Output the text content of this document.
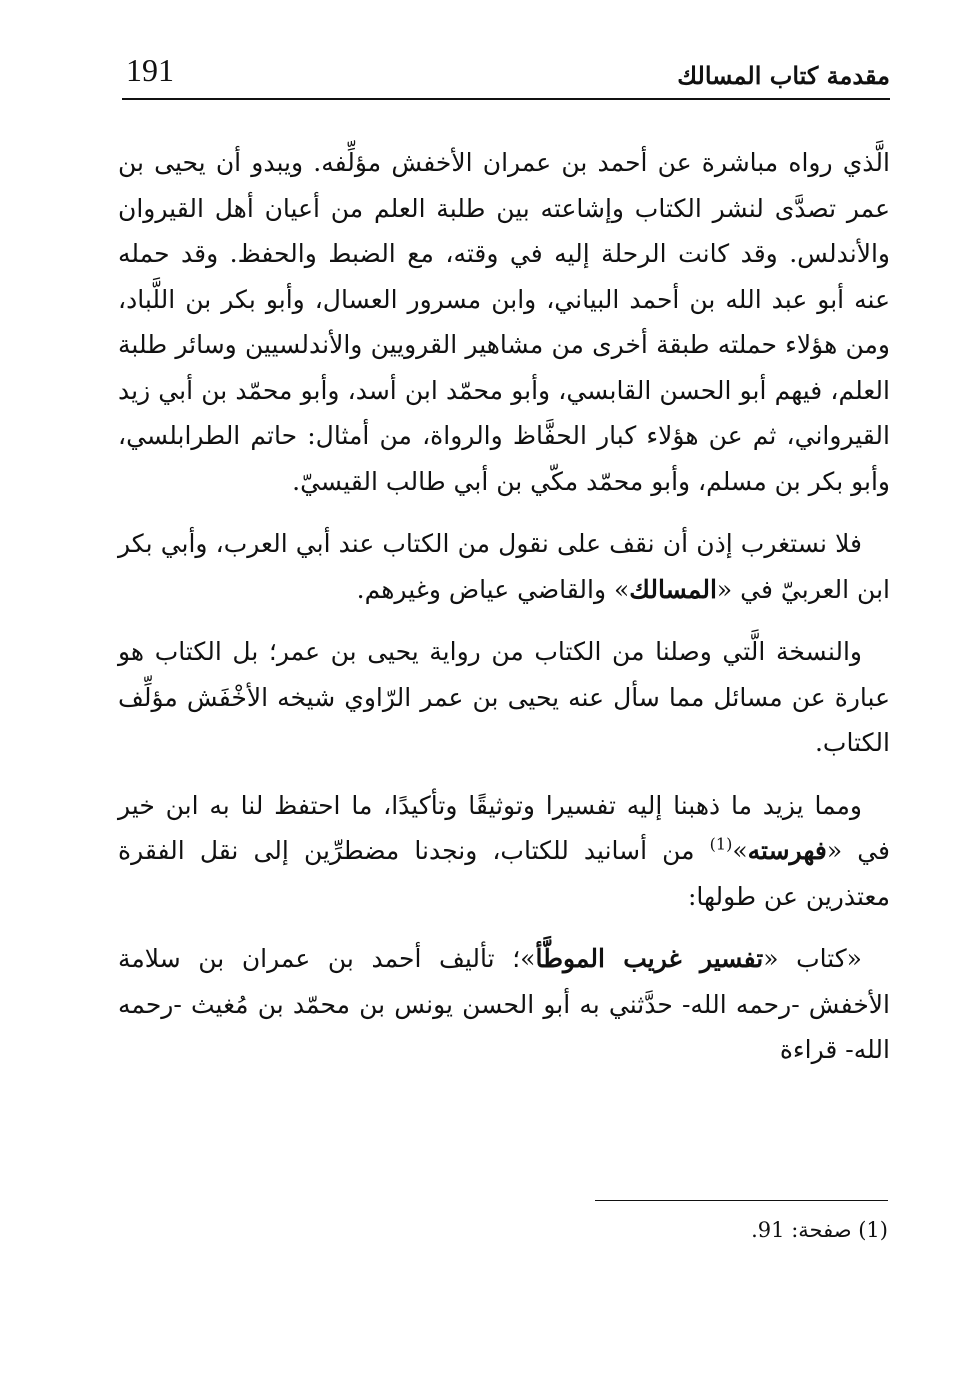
191	مقدمة كتاب المسالك

الَّذي رواه مباشرة عن أحمد بن عمران الأخفش مؤلِّفه. ويبدو أن يحيى بن عمر تصدَّى لنشر الكتاب وإشاعته بين طلبة العلم من أعيان أهل القيروان والأندلس. وقد كانت الرحلة إليه في وقته، مع الضبط والحفظ. وقد حمله عنه أبو عبد الله بن أحمد البياني، وابن مسرور العسال، وأبو بكر بن اللَّباد، ومن هؤلاء حملته طبقة أخرى من مشاهير القرويين والأندلسيين وسائر طلبة العلم، فيهم أبو الحسن القابسي، وأبو محمّد ابن أسد، وأبو محمّد بن أبي زيد القيرواني، ثم عن هؤلاء كبار الحفَّاظ والرواة، من أمثال: حاتم الطرابلسي، وأبو بكر بن مسلم، وأبو محمّد مكّي بن أبي طالب القيسيّ.

فلا نستغرب إذن أن نقف على نقول من الكتاب عند أبي العرب، وأبي بكر ابن العربيّ في «المسالك» والقاضي عياض وغيرهم.

والنسخة الَّتي وصلنا من الكتاب من رواية يحيى بن عمر؛ بل الكتاب هو عبارة عن مسائل مما سأل عنه يحيى بن عمر الرّاوي شيخه الأخْفَش مؤلِّف الكتاب.

ومما يزيد ما ذهبنا إليه تفسيرا وتوثيقًا وتأكيدًا، ما احتفظ لنا به ابن خير في «فهرسته»$^{(1)}$ من أسانيد للكتاب، ونجدنا مضطرِّين إلى نقل الفقرة معتذرين عن طولها:

«كتاب «تفسير غريب الموطَّأ»؛ تأليف أحمد بن عمران بن سلامة الأخفش -رحمه الله- حدَّثني به أبو الحسن يونس بن محمّد بن مُغيث -رحمه الله- قراءة

(1) صفحة: 91.
